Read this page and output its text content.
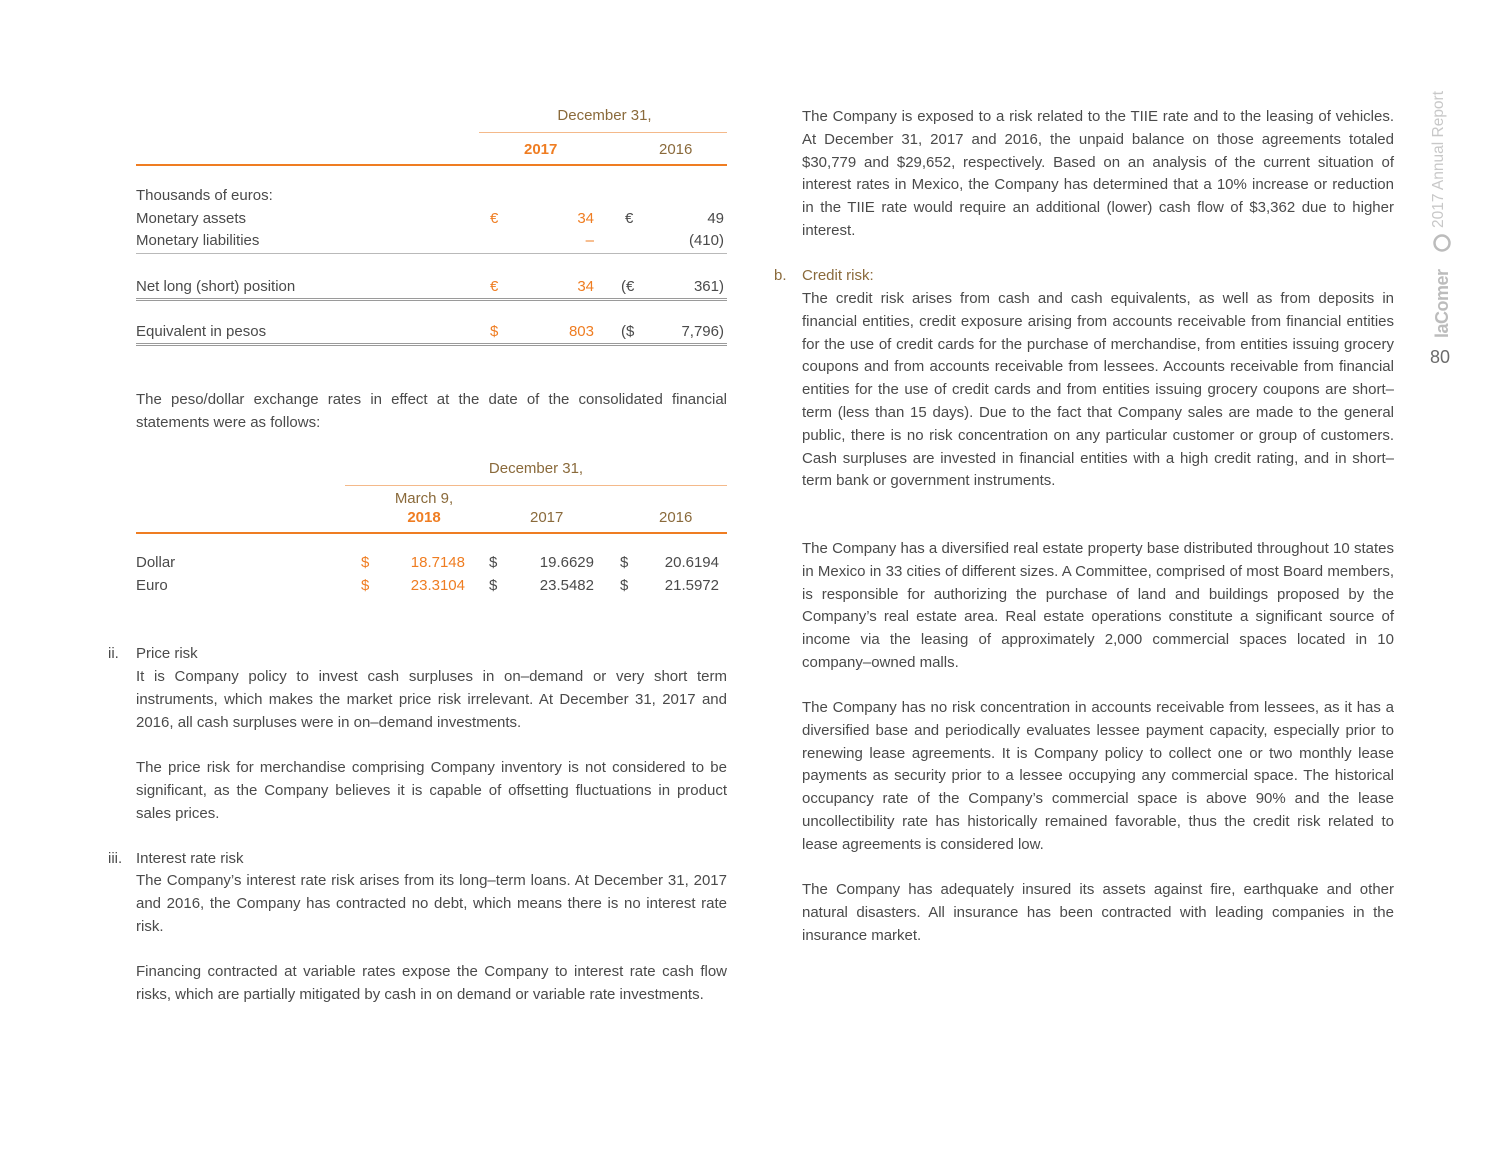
December 31,
2017	2016
Thousands of euros:
Monetary assets	€	34 €	49
Monetary liabilities	–	(410)
Net long (short) position	€	34 (€	361)
Equivalent in pesos	$	803 ($	7,796)

The peso/dollar exchange rates in effect at the date of the consolidated financial statements were as follows:

December 31,
March 9,
2018	2017	2016
Dollar	$	18.7148 $	19.6629 $	20.6194
Euro	$	23.3104 $	23.5482 $	21.5972
ii. Price risk

It is Company policy to invest cash surpluses in on–demand or very short term instruments, which makes the market price risk irrelevant. At December 31, 2017 and 2016, all cash surpluses were in on–demand investments.

The price risk for merchandise comprising Company inventory is not considered to be significant, as the Company believes it is capable of offsetting fluctuations in product sales prices.

iii. Interest rate risk

The Company’s interest rate risk arises from its long–term loans. At December 31, 2017 and 2016, the Company has contracted no debt, which means there is no interest rate risk.

Financing contracted at variable rates expose the Company to interest rate cash flow risks, which are partially mitigated by cash in on demand or variable rate investments.

The Company is exposed to a risk related to the TIIE rate and to the leasing of vehicles. At December 31, 2017 and 2016, the unpaid balance on those agreements totaled $30,779 and $29,652, respectively. Based on an analysis of the current situation of interest rates in Mexico, the Company has determined that a 10% increase or reduction in the TIIE rate would require an additional (lower) cash flow of $3,362 due to higher interest.

b. Credit risk:

The credit risk arises from cash and cash equivalents, as well as from deposits in financial entities, credit exposure arising from accounts receivable from financial entities for the use of credit cards for the purchase of merchandise, from entities issuing grocery coupons and from accounts receivable from lessees. Accounts receivable from financial entities for the use of credit cards and from entities issuing grocery coupons are short–term (less than 15 days). Due to the fact that Company sales are made to the general public, there is no risk concentration on any particular customer or group of customers. Cash surpluses are invested in financial entities with a high credit rating, and in short–term bank or government instruments.

The Company has a diversified real estate property base distributed throughout 10 states in Mexico in 33 cities of different sizes. A Committee, comprised of most Board members, is responsible for authorizing the purchase of land and buildings proposed by the Company’s real estate area. Real estate operations constitute a significant source of income via the leasing of approximately 2,000 commercial spaces located in 10 company–owned malls.

The Company has no risk concentration in accounts receivable from lessees, as it has a diversified base and periodically evaluates lessee payment capacity, especially prior to renewing lease agreements. It is Company policy to collect one or two monthly lease payments as security prior to a lessee occupying any commercial space. The historical occupancy rate of the Company’s commercial space is above 90% and the lease uncollectibility rate has historically remained favorable, thus the credit risk related to lease agreements is considered low.

The Company has adequately insured its assets against fire, earthquake and other natural disasters. All insurance has been contracted with leading companies in the insurance market.

2017 Annual Report
laComer
80
